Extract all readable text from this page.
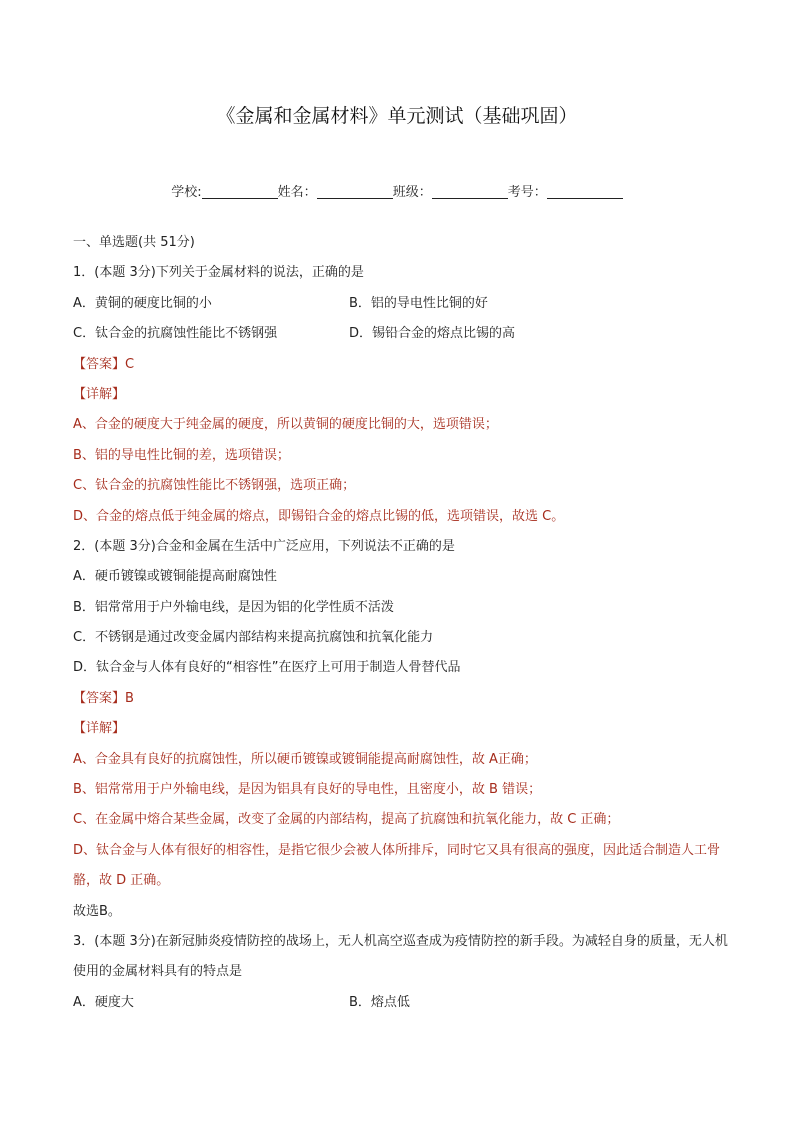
《金属和金属材料》单元测试（基础巩固）
学校:	姓名：	班级：	考号：
一、单选题(共 51分)
1．(本题 3分)下列关于金属材料的说法，正确的是
A．黄铜的硬度比铜的小	B．铝的导电性比铜的好
C．钛合金的抗腐蚀性能比不锈钢强	D．锡铅合金的熔点比锡的高
【答案】C
【详解】
A、合金的硬度大于纯金属的硬度，所以黄铜的硬度比铜的大，选项错误；
B、铝的导电性比铜的差，选项错误；
C、钛合金的抗腐蚀性能比不锈钢强，选项正确；
D、合金的熔点低于纯金属的熔点，即锡铅合金的熔点比锡的低，选项错误，故选 C。
2．(本题 3分)合金和金属在生活中广泛应用，下列说法不正确的是
A．硬币镀镍或镀铜能提高耐腐蚀性
B．铝常常用于户外输电线，是因为铝的化学性质不活泼
C．不锈钢是通过改变金属内部结构来提高抗腐蚀和抗氧化能力
D．钛合金与人体有良好的“相容性”在医疗上可用于制造人骨替代品
【答案】B
【详解】
A、合金具有良好的抗腐蚀性，所以硬币镀镍或镀铜能提高耐腐蚀性，故 A正确；
B、铝常常用于户外输电线，是因为铝具有良好的导电性，且密度小，故 B 错误；
C、在金属中熔合某些金属，改变了金属的内部结构，提高了抗腐蚀和抗氧化能力，故 C 正确；
D、钛合金与人体有很好的相容性，是指它很少会被人体所排斥，同时它又具有很高的强度，因此适合制造人工骨骼，故 D 正确。
故选B。
3．(本题 3分)在新冠肺炎疫情防控的战场上，无人机高空巡查成为疫情防控的新手段。为减轻自身的质量，无人机使用的金属材料具有的特点是
A．硬度大	B．熔点低
